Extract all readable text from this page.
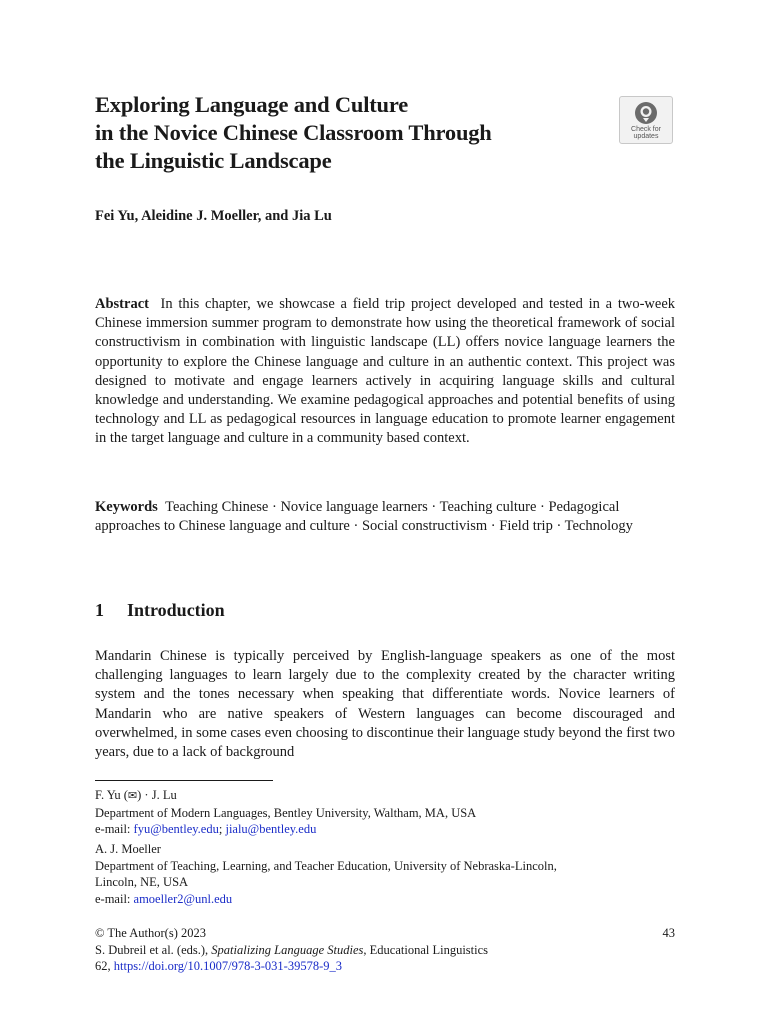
Exploring Language and Culture
in the Novice Chinese Classroom Through
the Linguistic Landscape
Check for
updates

Fei Yu, Aleidine J. Moeller, and Jia Lu

Abstract In this chapter, we showcase a field trip project developed and tested in a two-week Chinese immersion summer program to demonstrate how using the theoretical framework of social constructivism in combination with linguistic landscape (LL) offers novice language learners the opportunity to explore the Chinese language and culture in an authentic context. This project was designed to motivate and engage learners actively in acquiring language skills and cultural knowledge and understanding. We examine pedagogical approaches and potential benefits of using technology and LL as pedagogical resources in language education to promote learner engagement in the target language and culture in a community based context.

Keywords Teaching Chinese · Novice language learners · Teaching culture · Pedagogical approaches to Chinese language and culture · Social constructivism · Field trip · Technology

1 Introduction

Mandarin Chinese is typically perceived by English-language speakers as one of the most challenging languages to learn largely due to the complexity created by the character writing system and the tones necessary when speaking that differentiate words. Novice learners of Mandarin who are native speakers of Western languages can become discouraged and overwhelmed, in some cases even choosing to discontinue their language study beyond the first two years, due to a lack of background

F. Yu (✉) · J. Lu
Department of Modern Languages, Bentley University, Waltham, MA, USA
e-mail: fyu@bentley.edu; jialu@bentley.edu
A. J. Moeller
Department of Teaching, Learning, and Teacher Education, University of Nebraska-Lincoln,
Lincoln, NE, USA
e-mail: amoeller2@unl.edu
© The Author(s) 2023	43
S. Dubreil et al. (eds.), Spatializing Language Studies, Educational Linguistics
62, https://doi.org/10.1007/978-3-031-39578-9_3
